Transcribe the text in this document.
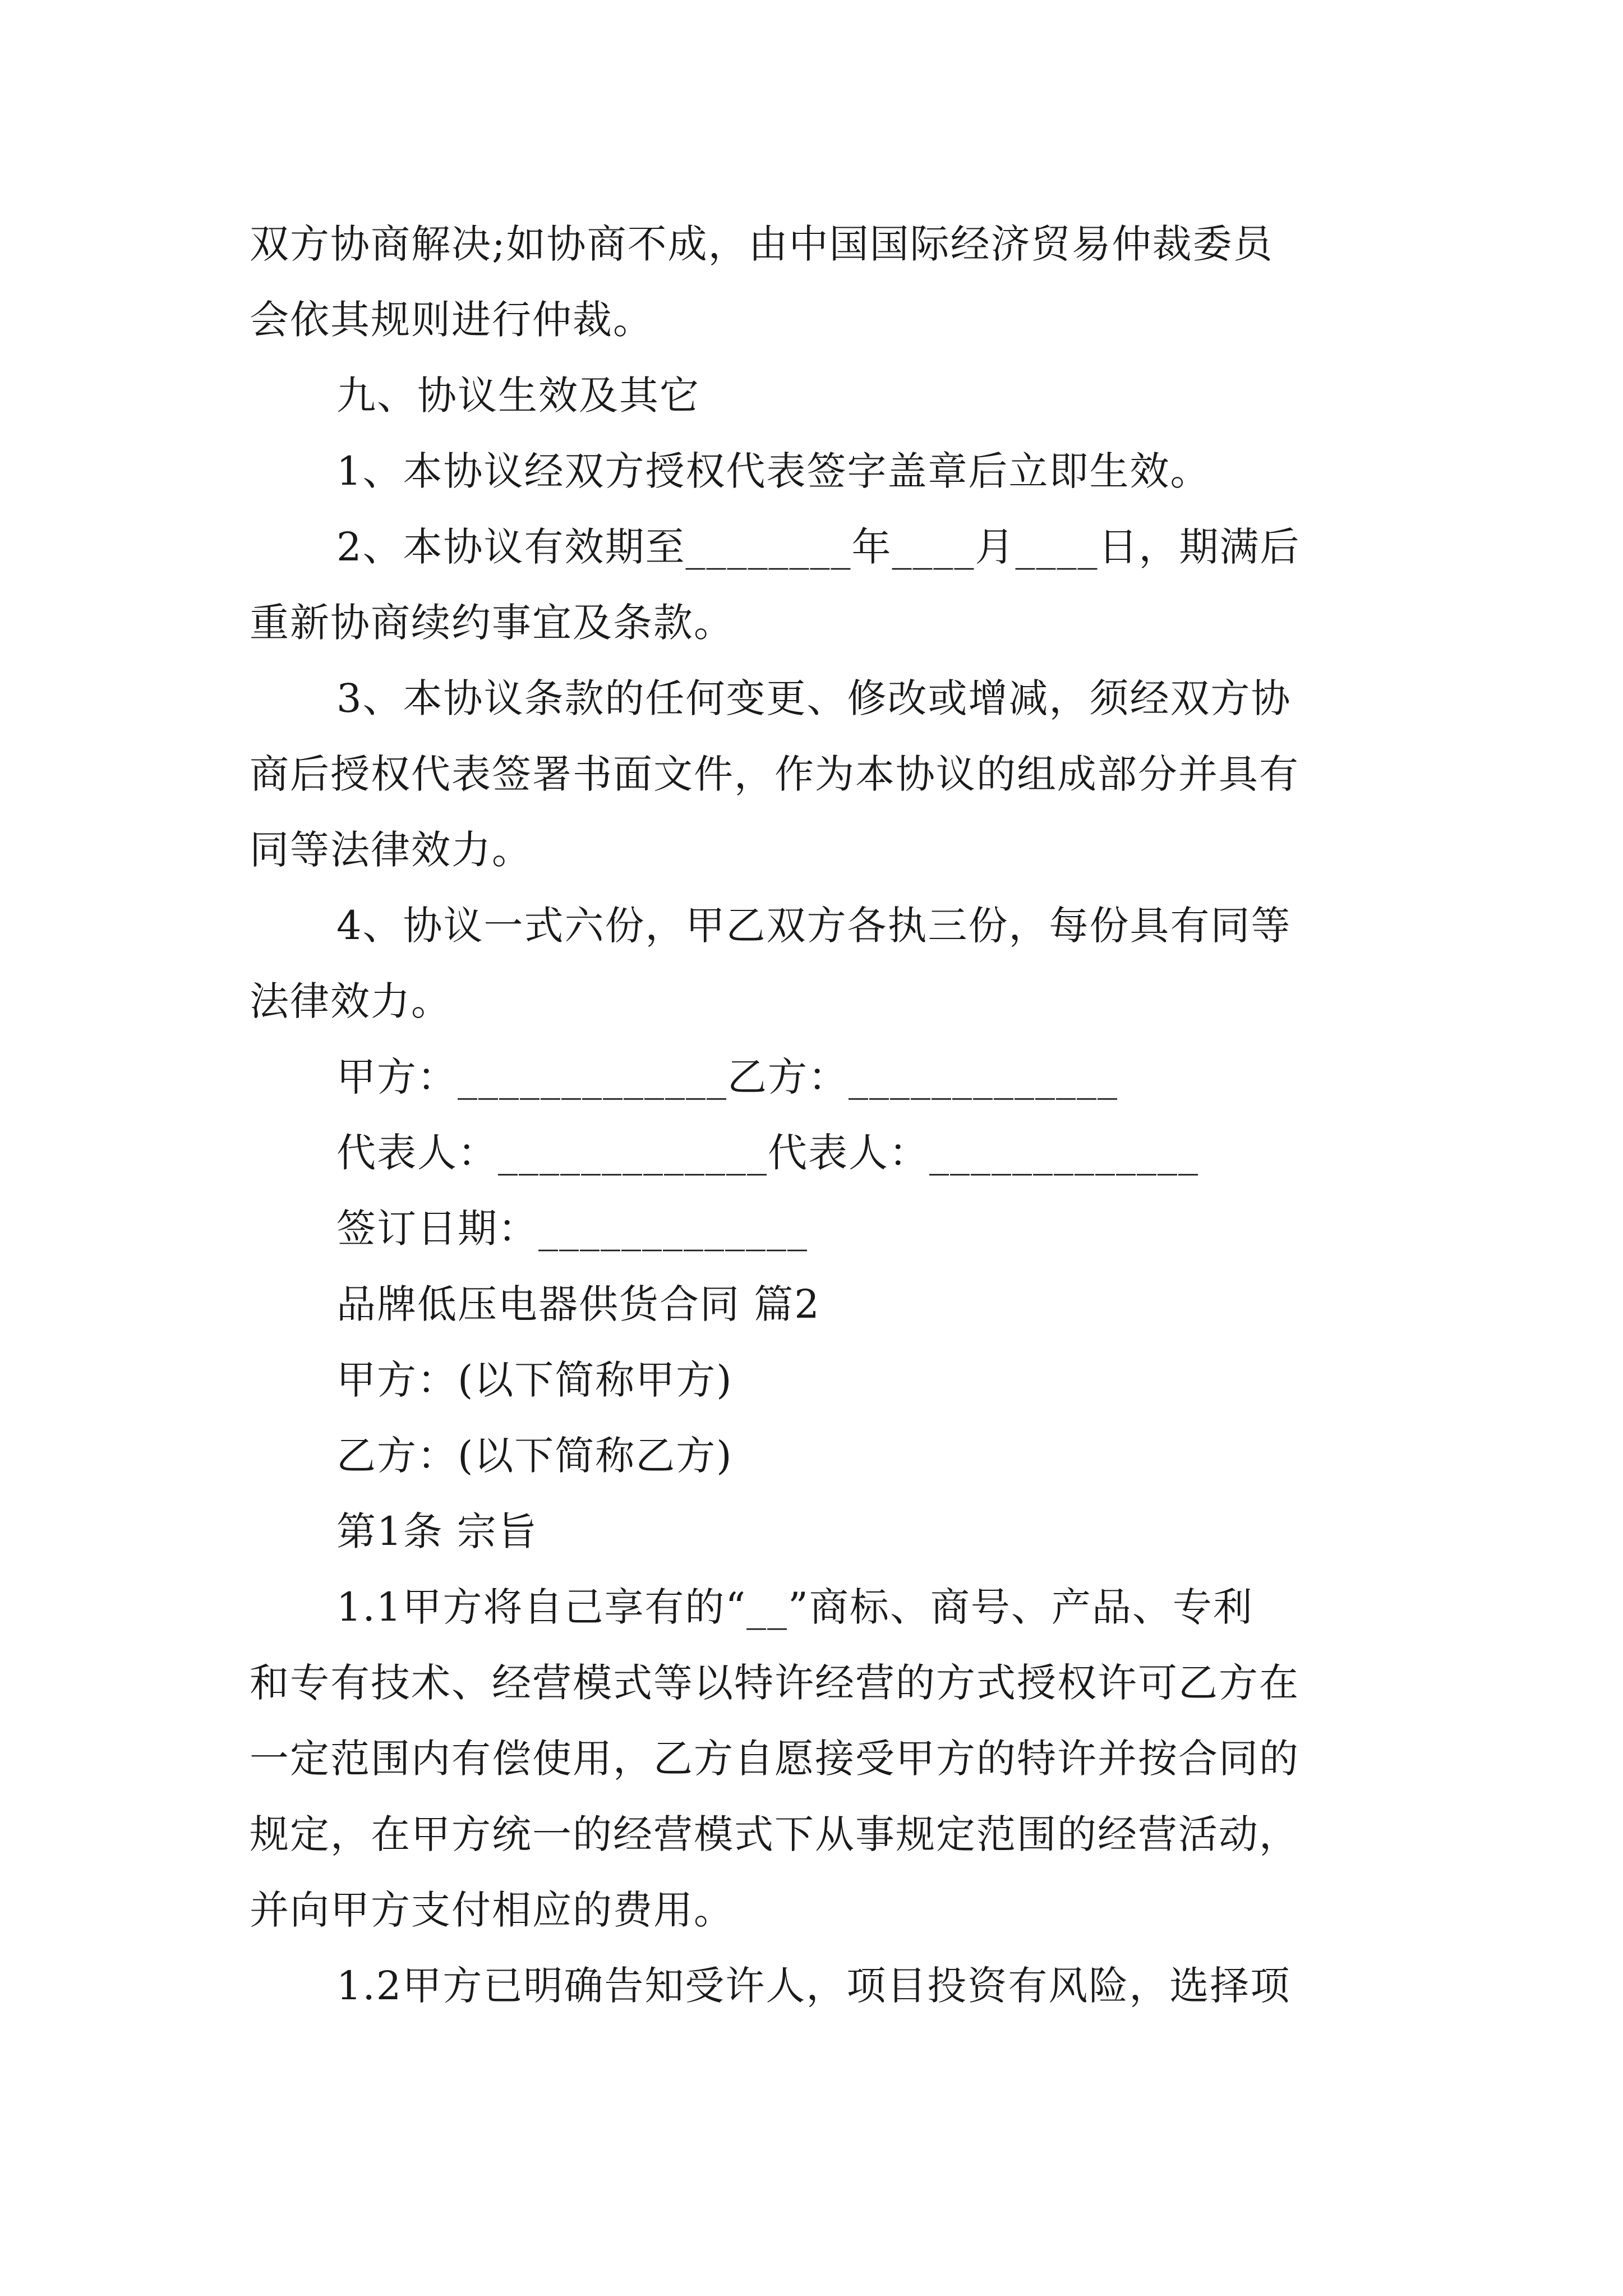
双方协商解决;如协商不成，由中国国际经济贸易仲裁委员
会依其规则进行仲裁。
九、协议生效及其它
1、本协议经双方授权代表签字盖章后立即生效。
2、本协议有效期至________年____月____日，期满后
重新协商续约事宜及条款。
3、本协议条款的任何变更、修改或增减，须经双方协
商后授权代表签署书面文件，作为本协议的组成部分并具有
同等法律效力。
4、协议一式六份，甲乙双方各执三份，每份具有同等
法律效力。
甲方：_____________乙方：_____________
代表人：_____________代表人：_____________
签订日期：_____________
品牌低压电器供货合同 篇2
甲方：(以下简称甲方)
乙方：(以下简称乙方)
第1条 宗旨
1.1甲方将自己享有的“__”商标、商号、产品、专利
和专有技术、经营模式等以特许经营的方式授权许可乙方在
一定范围内有偿使用，乙方自愿接受甲方的特许并按合同的
规定，在甲方统一的经营模式下从事规定范围的经营活动，
并向甲方支付相应的费用。
1.2甲方已明确告知受许人，项目投资有风险，选择项
